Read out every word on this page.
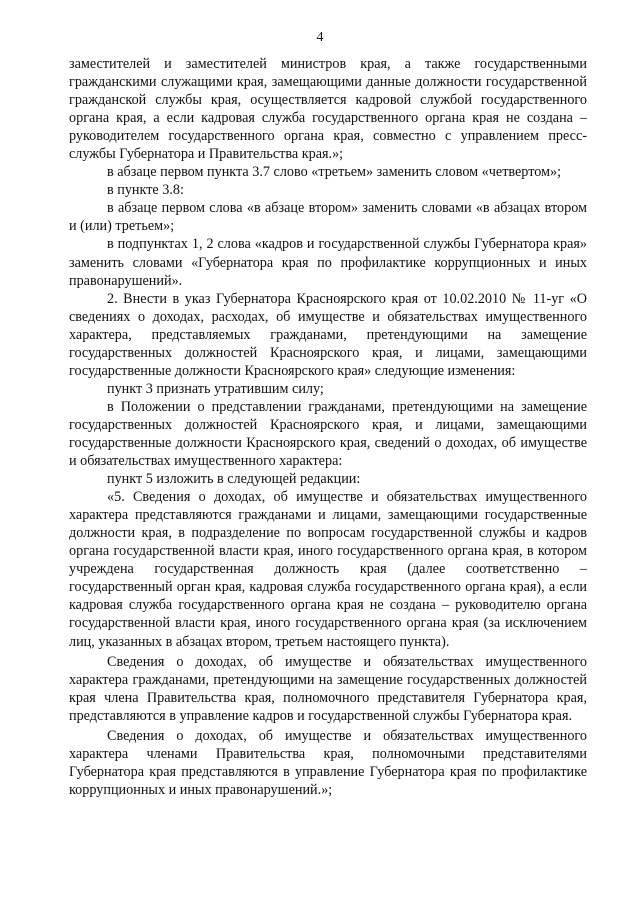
4

заместителей и заместителей министров края, а также государственными гражданскими служащими края, замещающими данные должности государственной гражданской службы края, осуществляется кадровой службой государственного органа края, а если кадровая служба государственного органа края не создана – руководителем государственного органа края, совместно с управлением пресс-службы Губернатора и Правительства края.»;

в абзаце первом пункта 3.7 слово «третьем» заменить словом «четвертом»;

в пункте 3.8:

в абзаце первом слова «в абзаце втором» заменить словами «в абзацах втором и (или) третьем»;

в подпунктах 1, 2 слова «кадров и государственной службы Губернатора края» заменить словами «Губернатора края по профилактике коррупционных и иных правонарушений».

2. Внести в указ Губернатора Красноярского края от 10.02.2010 № 11-уг «О сведениях о доходах, расходах, об имуществе и обязательствах имущественного характера, представляемых гражданами, претендующими на замещение государственных должностей Красноярского края, и лицами, замещающими государственные должности Красноярского края» следующие изменения:

пункт 3 признать утратившим силу;

в Положении о представлении гражданами, претендующими на замещение государственных должностей Красноярского края, и лицами, замещающими государственные должности Красноярского края, сведений о доходах, об имуществе и обязательствах имущественного характера:

пункт 5 изложить в следующей редакции:

«5. Сведения о доходах, об имуществе и обязательствах имущественного характера представляются гражданами и лицами, замещающими государственные должности края, в подразделение по вопросам государственной службы и кадров органа государственной власти края, иного государственного органа края, в котором учреждена государственная должность края (далее соответственно – государственный орган края, кадровая служба государственного органа края), а если кадровая служба государственного органа края не создана – руководителю органа государственной власти края, иного государственного органа края (за исключением лиц, указанных в абзацах втором, третьем настоящего пункта).

Сведения о доходах, об имуществе и обязательствах имущественного характера гражданами, претендующими на замещение государственных должностей края члена Правительства края, полномочного представителя Губернатора края, представляются в управление кадров и государственной службы Губернатора края.

Сведения о доходах, об имуществе и обязательствах имущественного характера членами Правительства края, полномочными представителями Губернатора края представляются в управление Губернатора края по профилактике коррупционных и иных правонарушений.»;
